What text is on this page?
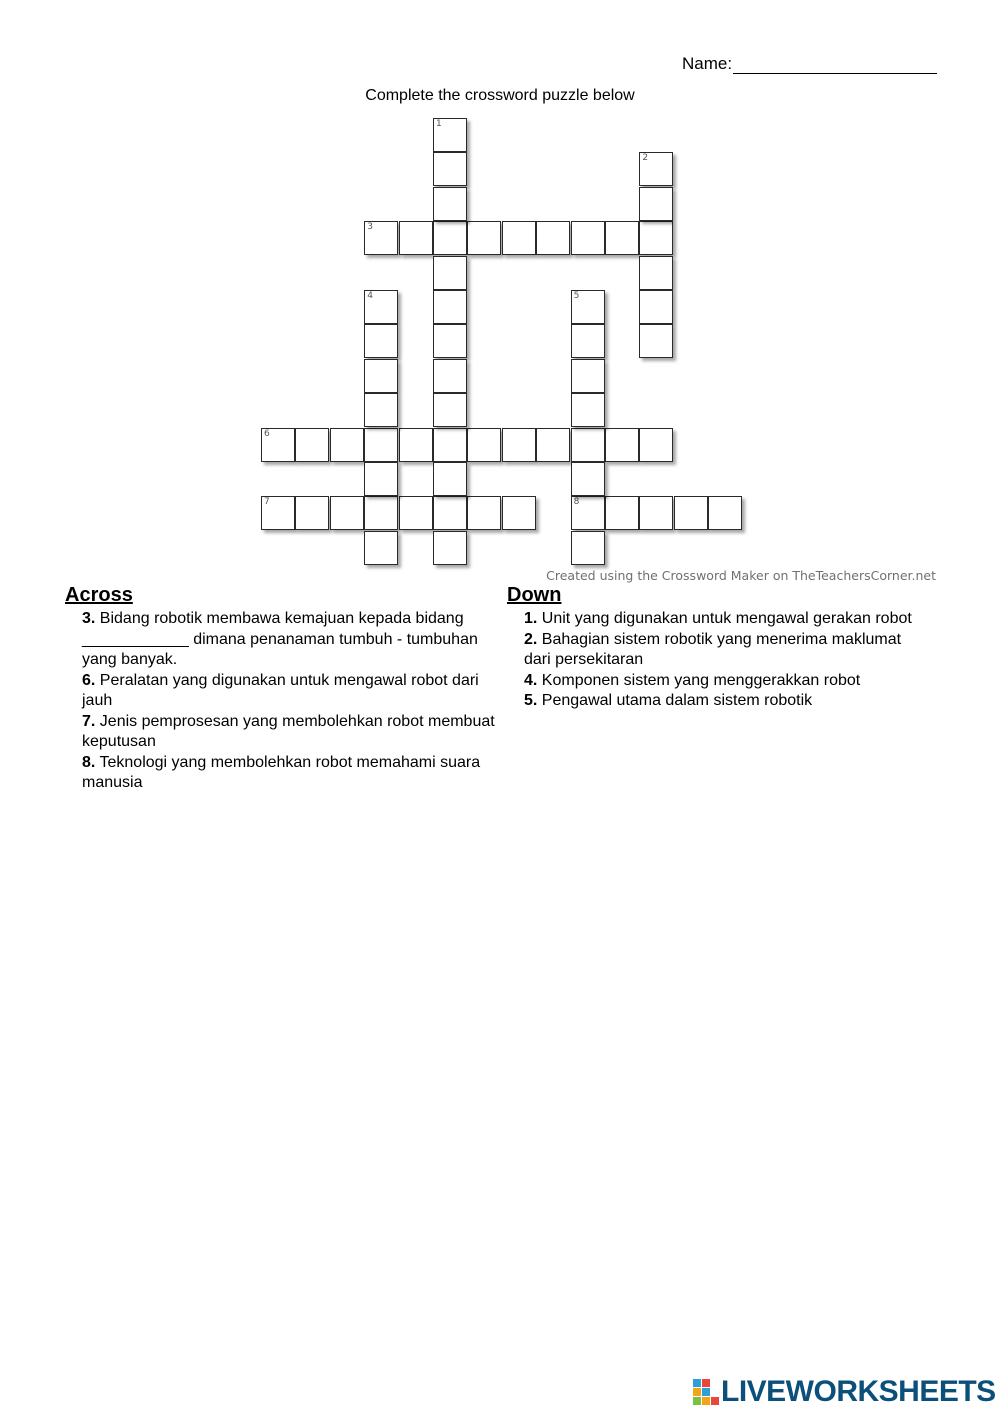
Name:
Complete the crossword puzzle below
3
6
7	8
1
2
4	5
Created using the Crossword Maker on TheTeachersCorner.net
Across
3. Bidang robotik membawa kemajuan kepada bidang ____________ dimana penanaman tumbuh - tumbuhan yang banyak.
6. Peralatan yang digunakan untuk mengawal robot dari jauh
7. Jenis pemprosesan yang membolehkan robot membuat keputusan
8. Teknologi yang membolehkan robot memahami suara manusia
Down
1. Unit yang digunakan untuk mengawal gerakan robot
2. Bahagian sistem robotik yang menerima maklumat dari persekitaran
4. Komponen sistem yang menggerakkan robot
5. Pengawal utama dalam sistem robotik
LIVEWORKSHEETS
